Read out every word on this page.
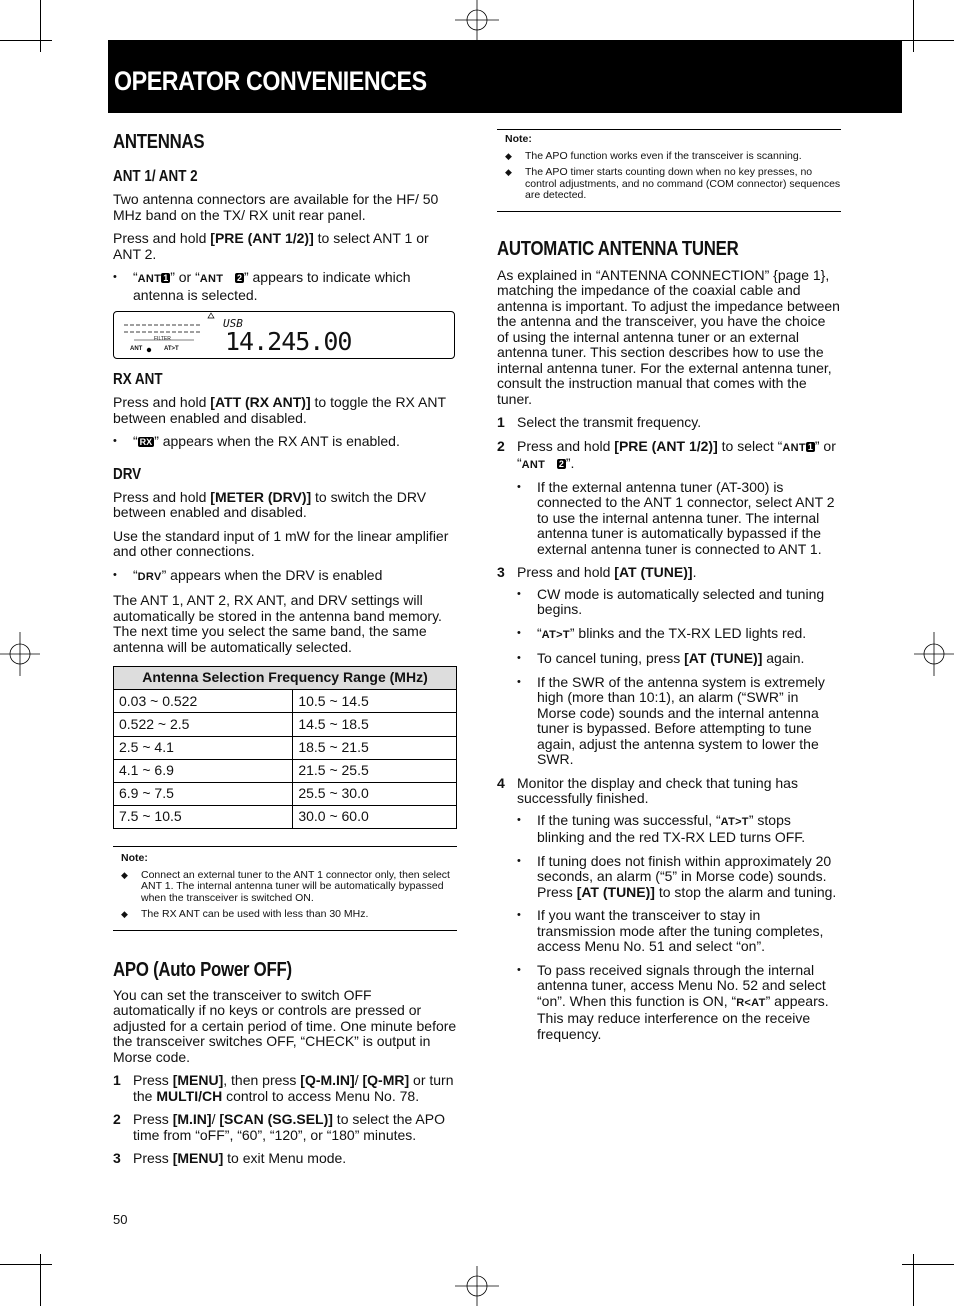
OPERATOR CONVENIENCES
ANTENNAS
ANT 1/ ANT 2

Two antenna connectors are available for the HF/ 50 MHz band on the TX/ RX unit rear panel.

Press and hold [PRE (ANT 1/2)] to select ANT 1 or ANT 2.

• “ANT 1 ” or “ANT 2 ” appears to indicate which antenna is selected.
FILTER
ANT	AT>T
USB
14.245.00
RX ANT

Press and hold [ATT (RX ANT)] to toggle the RX ANT between enabled and disabled.

• “ RX ” appears when the RX ANT is enabled.
DRV

Press and hold [METER (DRV)] to switch the DRV between enabled and disabled.

Use the standard input of 1 mW for the linear amplifier and other connections.

• “DRV” appears when the DRV is enabled

The ANT 1, ANT 2, RX ANT, and DRV settings will automatically be stored in the antenna band memory. The next time you select the same band, the same antenna will be automatically selected.

Antenna Selection Frequency Range (MHz)	
0.03 ~ 0.522	10.5 ~ 14.5
0.522 ~ 2.5	14.5 ~ 18.5
2.5 ~ 4.1	18.5 ~ 21.5
4.1 ~ 6.9	21.5 ~ 25.5
6.9 ~ 7.5	25.5 ~ 30.0
7.5 ~ 10.5	30.0 ~ 60.0
Note:
◆ Connect an external tuner to the ANT 1 connector only, then select ANT 1. The internal antenna tuner will be automatically bypassed when the transceiver is switched ON.
◆ The RX ANT can be used with less than 30 MHz.
APO (Auto Power OFF)

You can set the transceiver to switch OFF automatically if no keys or controls are pressed or adjusted for a certain period of time. One minute before the transceiver switches OFF, “CHECK” is output in Morse code.

1 Press [MENU], then press [Q-M.IN]/ [Q-MR] or turn the MULTI/CH control to access Menu No. 78.
2 Press [M.IN]/ [SCAN (SG.SEL)] to select the APO time from “oFF”, “60”, “120”, or “180” minutes.
3 Press [MENU] to exit Menu mode.
Note:
◆ The APO function works even if the transceiver is scanning.
◆ The APO timer starts counting down when no key presses, no control adjustments, and no command (COM connector) sequences are detected.
AUTOMATIC ANTENNA TUNER

As explained in “ANTENNA CONNECTION” {page 1}, matching the impedance of the coaxial cable and antenna is important. To adjust the impedance between the antenna and the transceiver, you have the choice of using the internal antenna tuner or an external antenna tuner. This section describes how to use the internal antenna tuner. For the external antenna tuner, consult the instruction manual that comes with the tuner.

1 Select the transmit frequency.
2 Press and hold [PRE (ANT 1/2)] to select “ANT 1 ” or “ANT 2 ”.
• If the external antenna tuner (AT-300) is connected to the ANT 1 connector, select ANT 2 to use the internal antenna tuner. The internal antenna tuner is automatically bypassed if the external antenna tuner is connected to ANT 1.
3 Press and hold [AT (TUNE)].
• CW mode is automatically selected and tuning begins.
• “AT>T” blinks and the TX-RX LED lights red.
• To cancel tuning, press [AT (TUNE)] again.
• If the SWR of the antenna system is extremely high (more than 10:1), an alarm (“SWR” in Morse code) sounds and the internal antenna tuner is bypassed. Before attempting to tune again, adjust the antenna system to lower the SWR.
4 Monitor the display and check that tuning has successfully finished.
• If the tuning was successful, “AT>T” stops blinking and the red TX-RX LED turns OFF.
• If tuning does not finish within approximately 20 seconds, an alarm (“5” in Morse code) sounds. Press [AT (TUNE)] to stop the alarm and tuning.
• If you want the transceiver to stay in transmission mode after the tuning completes, access Menu No. 51 and select “on”.
• To pass received signals through the internal antenna tuner, access Menu No. 52 and select “on”. When this function is ON, “R<AT” appears. This may reduce interference on the receive frequency.
50
